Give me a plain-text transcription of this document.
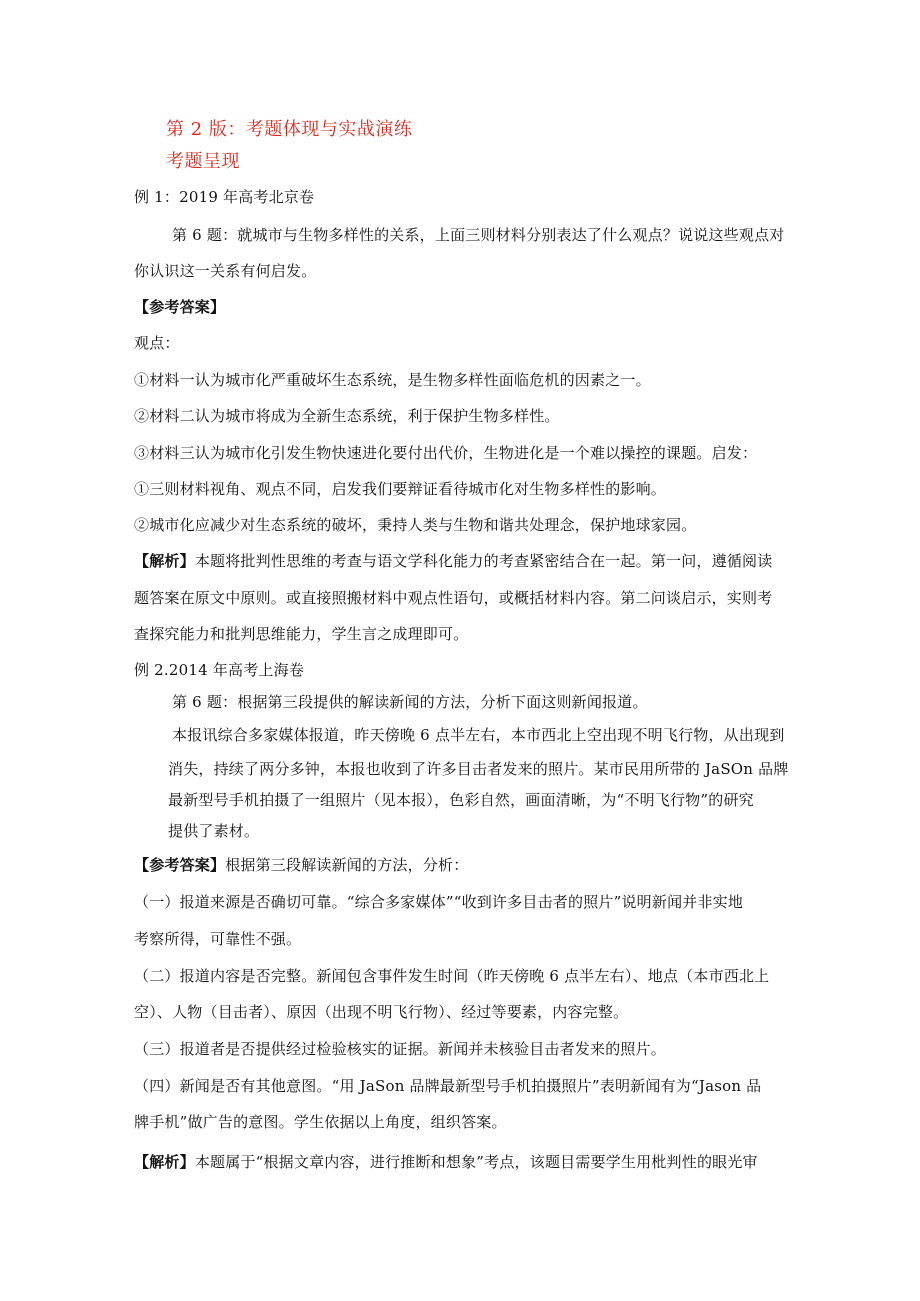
第 2 版：考题体现与实战演练
考题呈现
例 1：2019 年高考北京卷
第 6 题：就城市与生物多样性的关系，上面三则材料分别表达了什么观点？说说这些观点对
你认识这一关系有何启发。
【参考答案】
观点：
①材料一认为城市化严重破坏生态系统，是生物多样性面临危机的因素之一。
②材料二认为城市将成为全新生态系统，利于保护生物多样性。
③材料三认为城市化引发生物快速进化要付出代价，生物进化是一个难以操控的课题。启发：
①三则材料视角、观点不同，启发我们要辩证看待城市化对生物多样性的影响。
②城市化应减少对生态系统的破坏，秉持人类与生物和谐共处理念，保护地球家园。
【解析】本题将批判性思维的考查与语文学科化能力的考查紧密结合在一起。第一问，遵循阅读
题答案在原文中原则。或直接照搬材料中观点性语句，或概括材料内容。第二问谈启示，实则考
查探究能力和批判思维能力，学生言之成理即可。
例 2.2014 年高考上海卷
第 6 题：根据第三段提供的解读新闻的方法，分析下面这则新闻报道。
本报讯综合多家媒体报道，昨天傍晚 6 点半左右，本市西北上空出现不明飞行物，从出现到
消失，持续了两分多钟，本报也收到了许多目击者发来的照片。某市民用所带的 JaSOn 品牌
最新型号手机拍摄了一组照片（见本报），色彩自然，画面清晰，为“不明飞行物”的研究
提供了素材。
【参考答案】根据第三段解读新闻的方法，分析：
（一）报道来源是否确切可靠。“综合多家媒体”“收到许多目击者的照片”说明新闻并非实地
考察所得，可靠性不强。
（二）报道内容是否完整。新闻包含事件发生时间（昨天傍晚 6 点半左右）、地点（本市西北上
空）、人物（目击者）、原因（出现不明飞行物）、经过等要素，内容完整。
（三）报道者是否提供经过检验核实的证据。新闻并未核验目击者发来的照片。
（四）新闻是否有其他意图。“用 JaSon 品牌最新型号手机拍摄照片”表明新闻有为“Jason 品
牌手机”做广告的意图。学生依据以上角度，组织答案。
【解析】本题属于“根据文章内容，进行推断和想象”考点，该题目需要学生用枇判性的眼光审
